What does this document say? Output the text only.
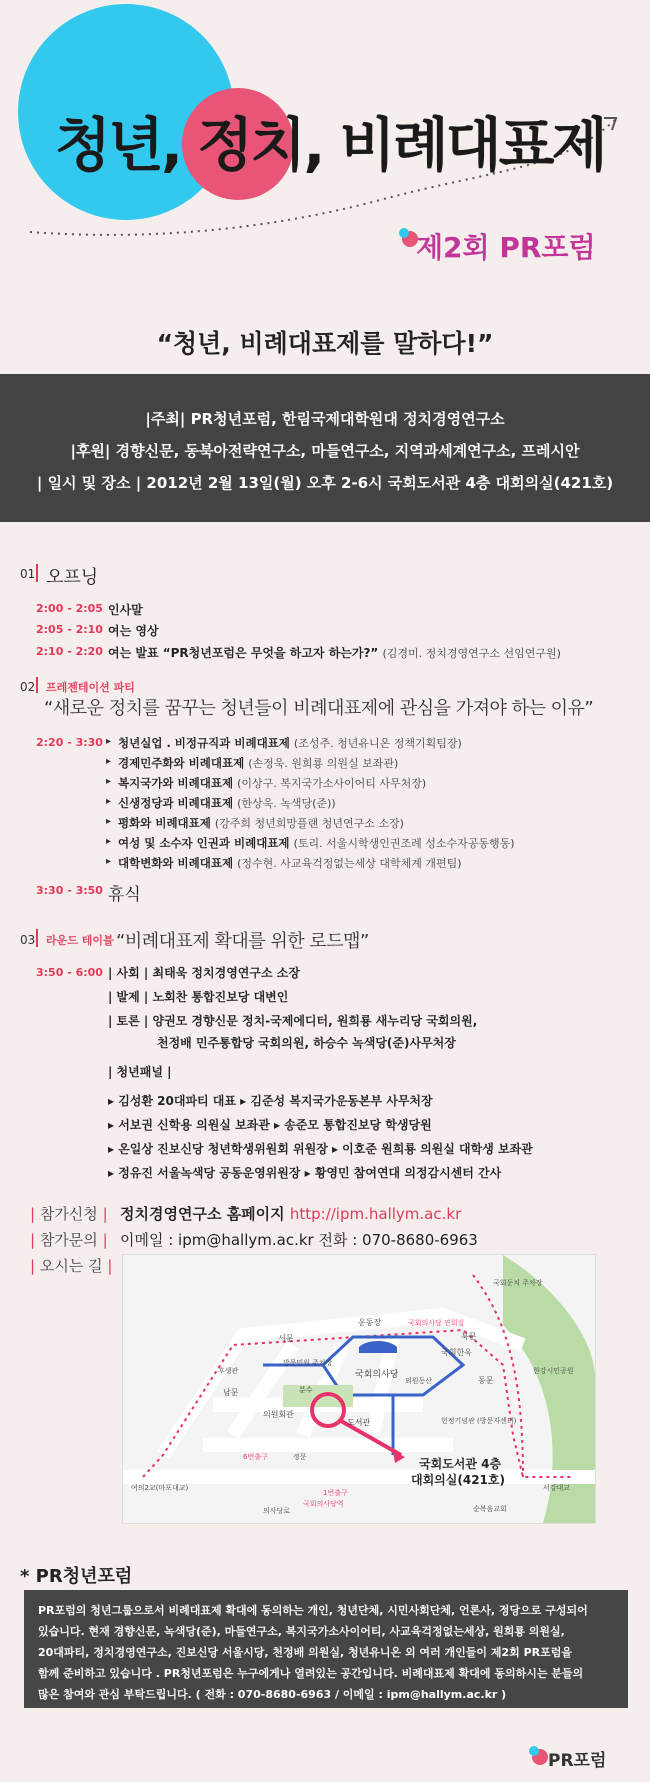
청년, 정치, 비례대표제
제2회 PR포럼
“청년, 비례대표제를 말하다!”
|주최| PR청년포럼, 한림국제대학원대 정치경영연구소
|후원| 경향신문, 동북아전략연구소, 마들연구소, 지역과세계연구소, 프레시안
| 일시 및 장소 | 2012년 2월 13일(월) 오후 2-6시 국회도서관 4층 대회의실(421호)
01 오프닝
2:00 - 2:05 인사말
2:05 - 2:10 여는 영상
2:10 - 2:20 여는 발표 “PR청년포럼은 무엇을 하고자 하는가?” (김경미. 정치경영연구소 선임연구원)
02 프레젠테이션 파티
“새로운 정치를 꿈꾸는 청년들이 비례대표제에 관심을 가져야 하는 이유”
2:20 - 3:30 ▸ 청년실업 . 비정규직과 비례대표제 (조성주. 청년유니온 정책기획팀장)
▸ 경제민주화와 비례대표제 (손정욱. 원희룡 의원실 보좌관)
▸ 복지국가와 비례대표제 (이상구. 복지국가소사이어티 사무처장)
▸ 신생정당과 비례대표제 (한상욱. 녹색당(준))
▸ 평화와 비례대표제 (강주희 청년희망플랜 청년연구소 소장)
▸ 여성 및 소수자 인권과 비례대표제 (토리. 서울시학생인권조례 성소수자공동행동)
▸ 대학변화와 비례대표제 (정수현. 사교육걱정없는세상 대학체계 개편팀)
3:30 - 3:50 휴식
03 라운드 테이블 “비례대표제 확대를 위한 로드맵”
3:50 - 6:00 | 사회 | 최태욱 정치경영연구소 소장
| 발제 | 노회찬 통합진보당 대변인
| 토론 | 양권모 경향신문 정치-국제에디터, 원희룡 새누리당 국회의원,
천정배 민주통합당 국회의원, 하승수 녹색당(준)사무처장
| 청년패널 |
▸ 김성환 20대파티 대표 ▸ 김준성 복지국가운동본부 사무처장
▸ 서보권 신학용 의원실 보좌관 ▸ 송준모 통합진보당 학생당원
▸ 온일상 진보신당 청년학생위원회 위원장 ▸ 이호준 원희룡 의원실 대학생 보좌관
▸ 정유진 서울녹색당 공동운영위원장 ▸ 황영민 참여연대 의정감시센터 간사
| 참가신청 | 정치경영연구소 홈페이지 http://ipm.hallym.ac.kr
| 참가문의 | 이메일 : ipm@hallym.ac.kr 전화 : 070-8680-6963
| 오시는 길 |
운동장	국회의사당 연회실
국회의사당
북문
국회한옥
서문
방문민원 주차장
후생관
남문
의원회관
도서관
분수
동문
헌정기념관 (방문자센터)
국회둔치 주차장
한강시민공원
정문
6번출구
1번출구
국회의사당역
여의2교(마포대교)	서강대교
순복음교회
의사당로
외원동산
국회도서관 4층
대회의실(421호)
* PR청년포럼
PR포럼의 청년그룹으로서 비례대표제 확대에 동의하는 개인, 청년단체, 시민사회단체, 언론사, 정당으로 구성되어
있습니다. 현재 경향신문, 녹색당(준), 마들연구소, 복지국가소사이어티, 사교육걱정없는세상, 원희룡 의원실,
20대파티, 정치경영연구소, 진보신당 서울시당, 천정배 의원실, 청년유니온 외 여러 개인들이 제2회 PR포럼을
함께 준비하고 있습니다 . PR청년포럼은 누구에게나 열려있는 공간입니다. 비례대표제 확대에 동의하시는 분들의
많은 참여와 관심 부탁드립니다. ( 전화 : 070-8680-6963 / 이메일 : ipm@hallym.ac.kr )
PR포럼
